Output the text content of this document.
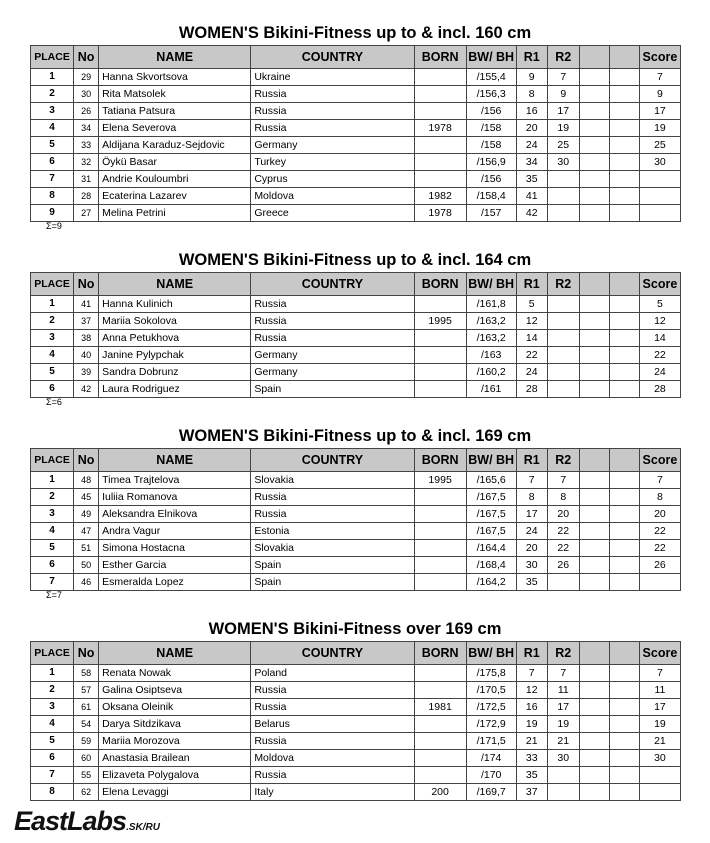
WOMEN'S Bikini-Fitness up to & incl. 160 cm
PLACE	No	NAME	COUNTRY	BORN	BW/ BH	R1	R2			Score
1	29	Hanna Skvortsova	Ukraine		/155,4	9	7			7
2	30	Rita Matsolek	Russia		/156,3	8	9			9
3	26	Tatiana Patsura	Russia		/156	16	17			17
4	34	Elena Severova	Russia	1978	/158	20	19			19
5	33	Aldijana Karaduz-Sejdovic	Germany		/158	24	25			25
6	32	Öykü Basar	Turkey		/156,9	34	30			30
7	31	Andrie Kouloumbri	Cyprus		/156	35				
8	28	Ecaterina Lazarev	Moldova	1982	/158,4	41				
9	27	Melina Petrini	Greece	1978	/157	42				
Σ=9
WOMEN'S Bikini-Fitness up to & incl. 164 cm
PLACE	No	NAME	COUNTRY	BORN	BW/ BH	R1	R2			Score
1	41	Hanna Kulinich	Russia		/161,8	5				5
2	37	Mariia Sokolova	Russia	1995	/163,2	12				12
3	38	Anna Petukhova	Russia		/163,2	14				14
4	40	Janine Pylypchak	Germany		/163	22				22
5	39	Sandra Dobrunz	Germany		/160,2	24				24
6	42	Laura Rodriguez	Spain		/161	28				28
Σ=6
WOMEN'S Bikini-Fitness up to & incl. 169 cm
PLACE	No	NAME	COUNTRY	BORN	BW/ BH	R1	R2			Score
1	48	Timea Trajtelova	Slovakia	1995	/165,6	7	7			7
2	45	Iuliia Romanova	Russia		/167,5	8	8			8
3	49	Aleksandra Elnikova	Russia		/167,5	17	20			20
4	47	Andra Vagur	Estonia		/167,5	24	22			22
5	51	Simona Hostacna	Slovakia		/164,4	20	22			22
6	50	Esther Garcia	Spain		/168,4	30	26			26
7	46	Esmeralda Lopez	Spain		/164,2	35				
Σ=7
WOMEN'S Bikini-Fitness over 169 cm
PLACE	No	NAME	COUNTRY	BORN	BW/ BH	R1	R2			Score
1	58	Renata Nowak	Poland		/175,8	7	7			7
2	57	Galina Osiptseva	Russia		/170,5	12	11			11
3	61	Oksana Oleinik	Russia	1981	/172,5	16	17			17
4	54	Darya Sitdzikava	Belarus		/172,9	19	19			19
5	59	Mariia Morozova	Russia		/171,5	21	21			21
6	60	Anastasia Brailean	Moldova		/174	33	30			30
7	55	Elizaveta Polygalova	Russia		/170	35				
8	62	Elena Levaggi	Italy	200	/169,7	37				
EastLabs.SK/RU
